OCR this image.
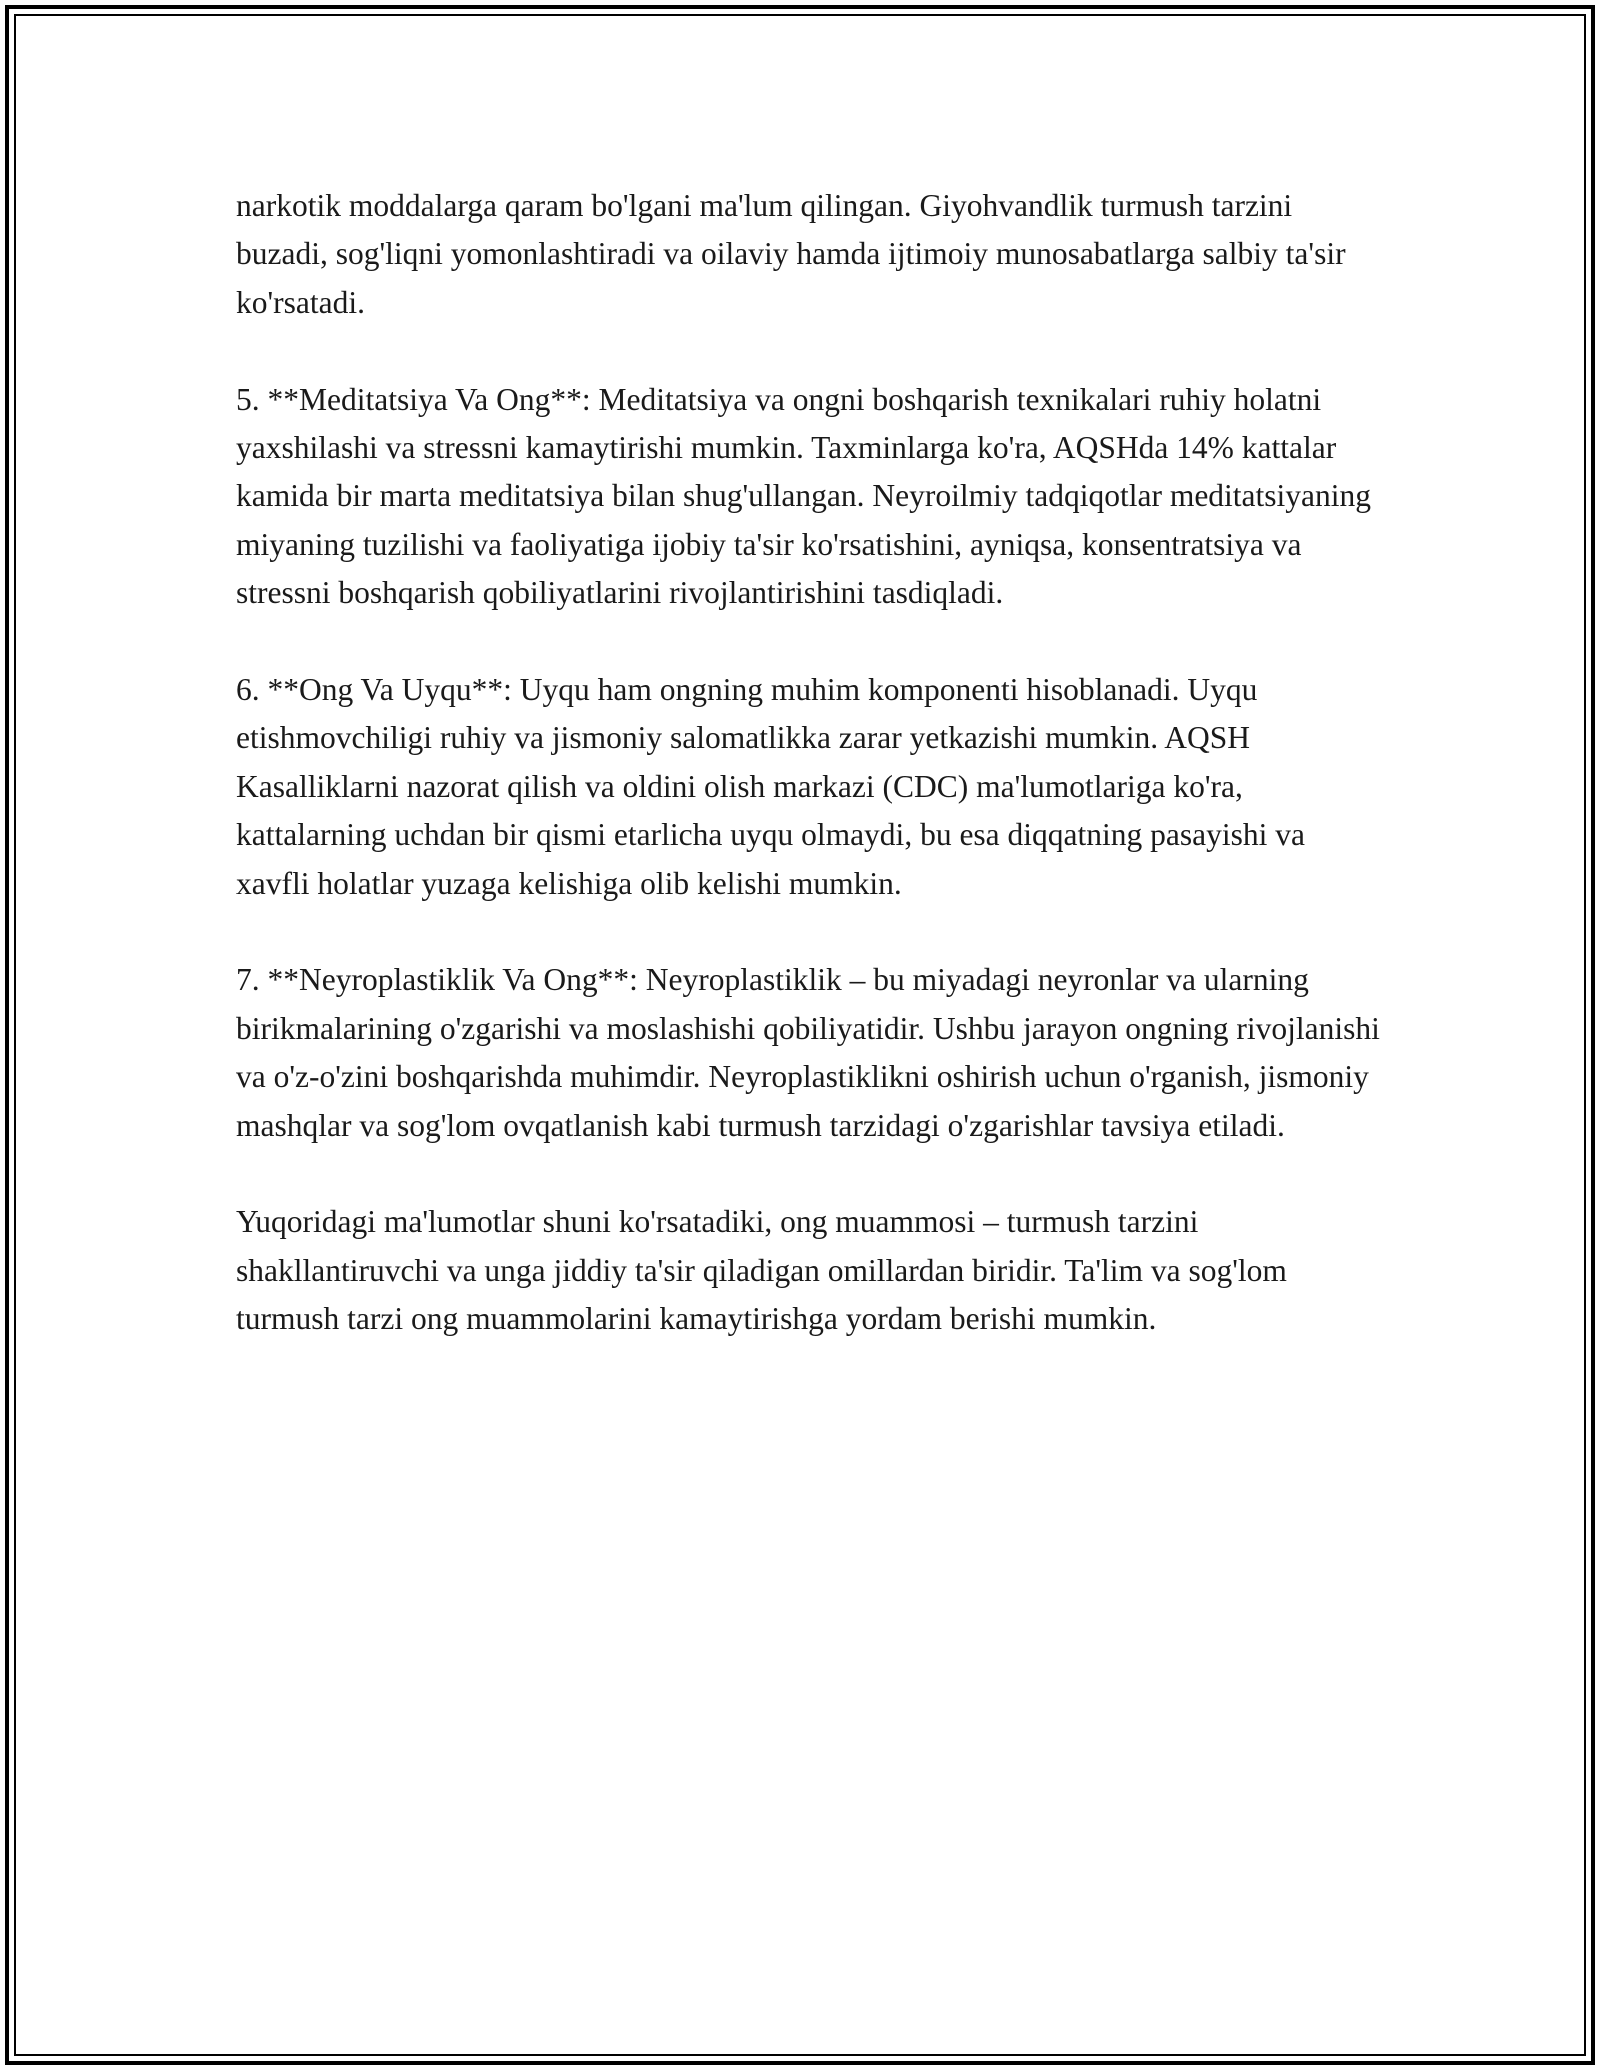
narkotik moddalarga qaram bo'lgani ma'lum qilingan. Giyohvandlik turmush tarzini buzadi, sog'liqni yomonlashtiradi va oilaviy hamda ijtimoiy munosabatlarga salbiy ta'sir ko'rsatadi.

5. **Meditatsiya Va Ong**: Meditatsiya va ongni boshqarish texnikalari ruhiy holatni yaxshilashi va stressni kamaytirishi mumkin. Taxminlarga ko'ra, AQSHda 14% kattalar kamida bir marta meditatsiya bilan shug'ullangan. Neyroilmiy tadqiqotlar meditatsiyaning miyaning tuzilishi va faoliyatiga ijobiy ta'sir ko'rsatishini, ayniqsa, konsentratsiya va stressni boshqarish qobiliyatlarini rivojlantirishini tasdiqladi.

6. **Ong Va Uyqu**: Uyqu ham ongning muhim komponenti hisoblanadi. Uyqu etishmovchiligi ruhiy va jismoniy salomatlikka zarar yetkazishi mumkin. AQSH Kasalliklarni nazorat qilish va oldini olish markazi (CDC) ma'lumotlariga ko'ra, kattalarning uchdan bir qismi etarlicha uyqu olmaydi, bu esa diqqatning pasayishi va xavfli holatlar yuzaga kelishiga olib kelishi mumkin.

7. **Neyroplastiklik Va Ong**: Neyroplastiklik – bu miyadagi neyronlar va ularning birikmalarining o'zgarishi va moslashishi qobiliyatidir. Ushbu jarayon ongning rivojlanishi va o'z-o'zini boshqarishda muhimdir. Neyroplastiklikni oshirish uchun o'rganish, jismoniy mashqlar va sog'lom ovqatlanish kabi turmush tarzidagi o'zgarishlar tavsiya etiladi.

Yuqoridagi ma'lumotlar shuni ko'rsatadiki, ong muammosi – turmush tarzini shakllantiruvchi va unga jiddiy ta'sir qiladigan omillardan biridir. Ta'lim va sog'lom turmush tarzi ong muammolarini kamaytirishga yordam berishi mumkin.
